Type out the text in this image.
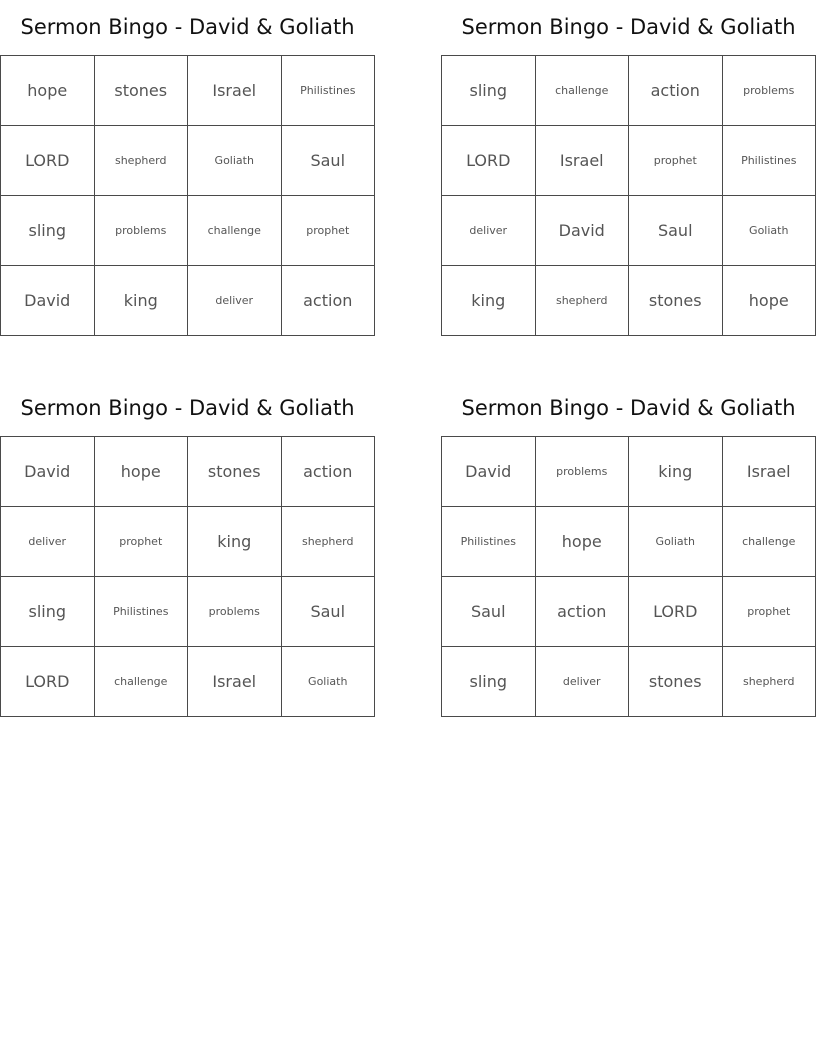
Sermon Bingo - David & Goliath
hope	stones	Israel	Philistines
LORD	shepherd	Goliath	Saul
sling	problems	challenge	prophet
David	king	deliver	action
Sermon Bingo - David & Goliath
sling	challenge	action	problems
LORD	Israel	prophet	Philistines
deliver	David	Saul	Goliath
king	shepherd	stones	hope
Sermon Bingo - David & Goliath
David	hope	stones	action
deliver	prophet	king	shepherd
sling	Philistines	problems	Saul
LORD	challenge	Israel	Goliath
Sermon Bingo - David & Goliath
David	problems	king	Israel
Philistines	hope	Goliath	challenge
Saul	action	LORD	prophet
sling	deliver	stones	shepherd
